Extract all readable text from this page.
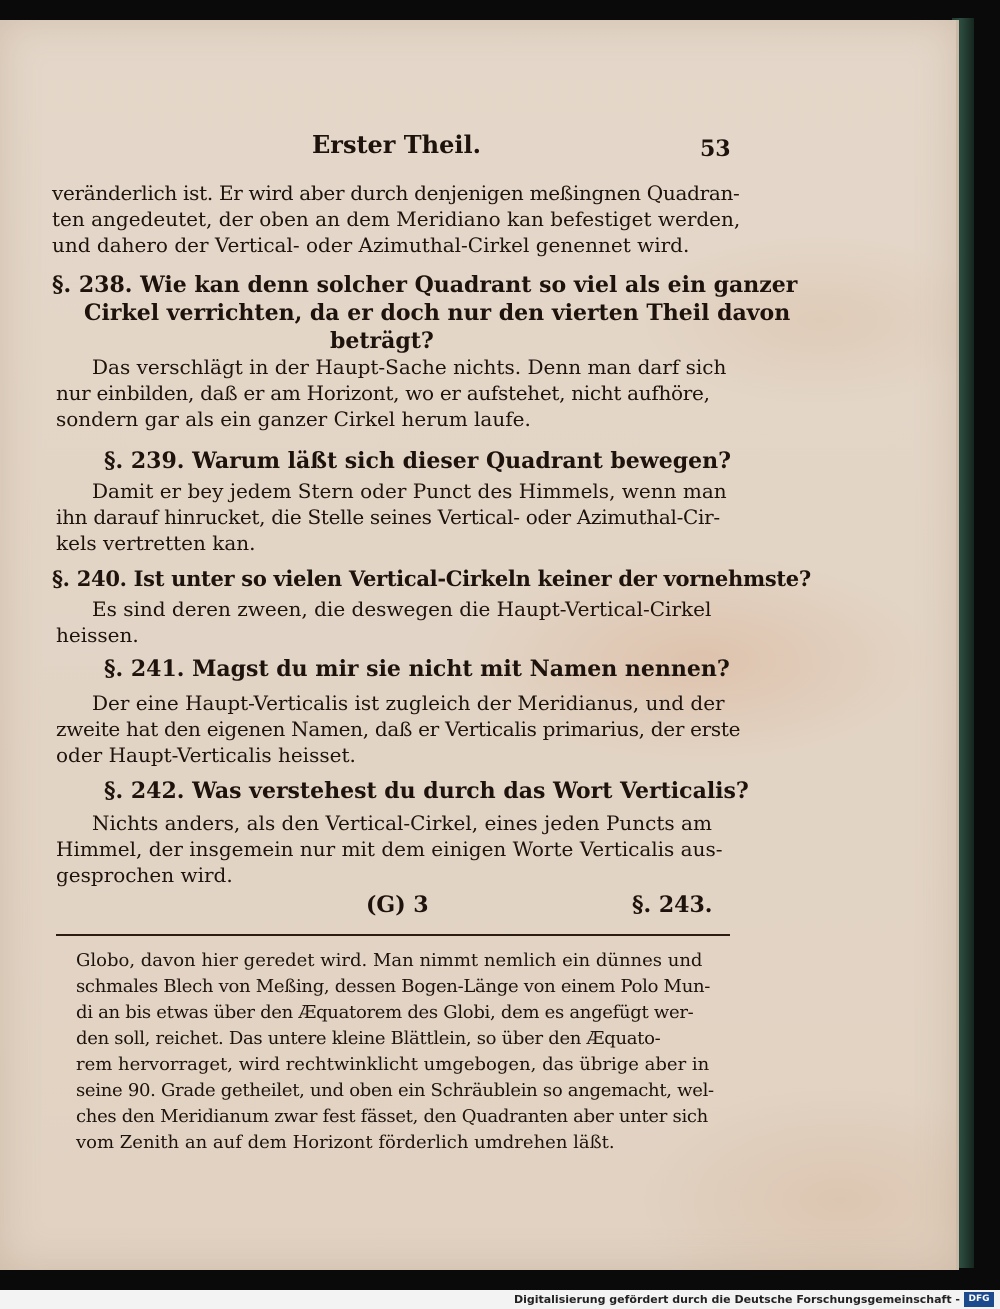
Erster Theil.	53
veränderlich ist. Er wird aber durch denjenigen meßingnen Quadran-
ten angedeutet, der oben an dem Meridiano kan befestiget werden,
und dahero der Vertical- oder Azimuthal-Cirkel genennet wird.
§. 238. Wie kan denn solcher Quadrant so viel als ein ganzer
Cirkel verrichten, da er doch nur den vierten Theil davon
beträgt?
Das verschlägt in der Haupt-Sache nichts. Denn man darf sich
nur einbilden, daß er am Horizont, wo er aufstehet, nicht aufhöre,
sondern gar als ein ganzer Cirkel herum laufe.
§. 239. Warum läßt sich dieser Quadrant bewegen?
Damit er bey jedem Stern oder Punct des Himmels, wenn man
ihn darauf hinrucket, die Stelle seines Vertical- oder Azimuthal-Cir-
kels vertretten kan.
§. 240. Ist unter so vielen Vertical-Cirkeln keiner der vornehmste?
Es sind deren zween, die deswegen die Haupt-Vertical-Cirkel
heissen.
§. 241. Magst du mir sie nicht mit Namen nennen?
Der eine Haupt-Verticalis ist zugleich der Meridianus, und der
zweite hat den eigenen Namen, daß er Verticalis primarius, der erste
oder Haupt-Verticalis heisset.
§. 242. Was verstehest du durch das Wort Verticalis?
Nichts anders, als den Vertical-Cirkel, eines jeden Puncts am
Himmel, der insgemein nur mit dem einigen Worte Verticalis aus-
gesprochen wird.
(G) 3	§. 243.
Globo, davon hier geredet wird. Man nimmt nemlich ein dünnes und
schmales Blech von Meßing, dessen Bogen-Länge von einem Polo Mun-
di an bis etwas über den Æquatorem des Globi, dem es angefügt wer-
den soll, reichet. Das untere kleine Blättlein, so über den Æquato-
rem hervorraget, wird rechtwinklicht umgebogen, das übrige aber in
seine 90. Grade getheilet, und oben ein Schräublein so angemacht, wel-
ches den Meridianum zwar fest fässet, den Quadranten aber unter sich
vom Zenith an auf dem Horizont förderlich umdrehen läßt.
Digitalisierung gefördert durch die Deutsche Forschungsgemeinschaft - DFG
